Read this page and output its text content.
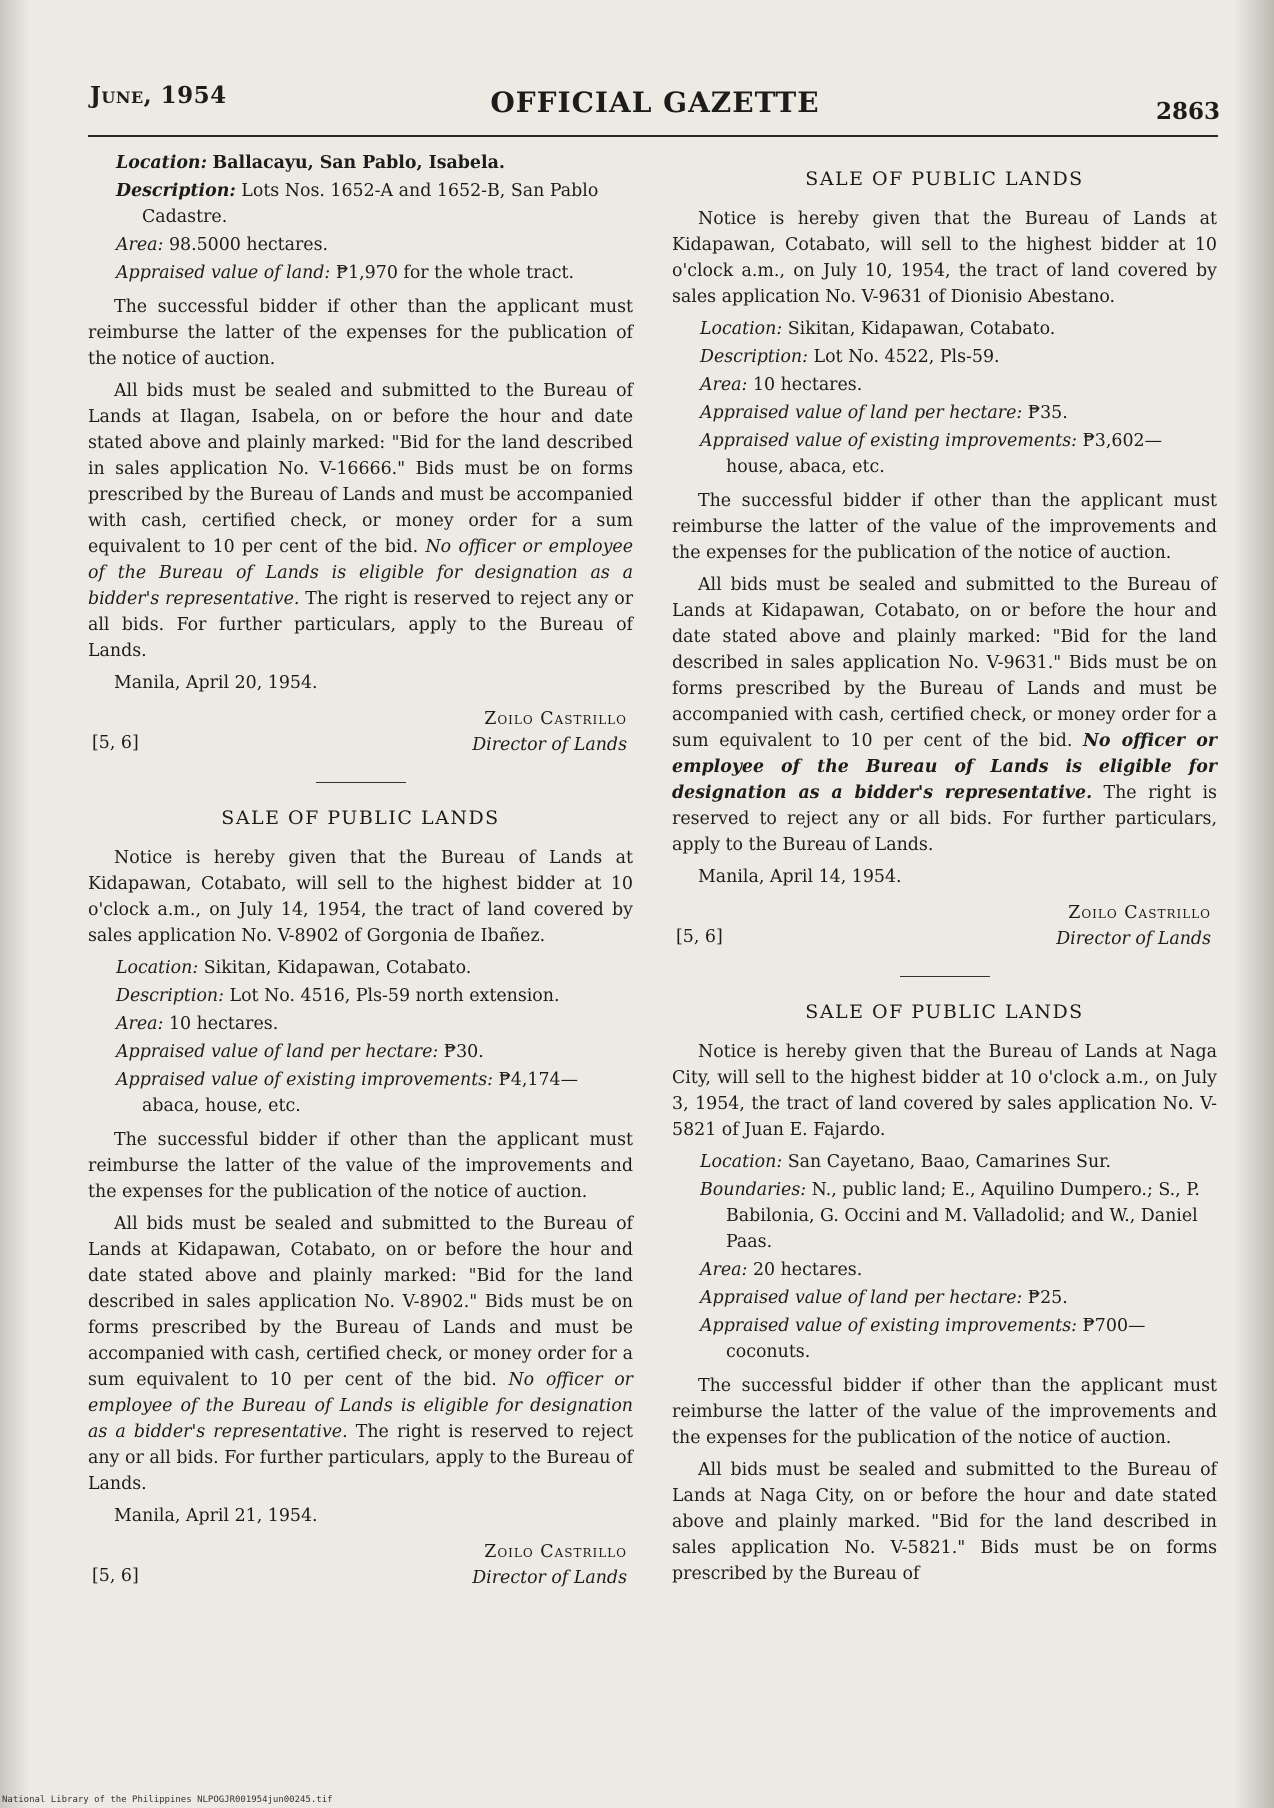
June, 1954	OFFICIAL GAZETTE	2863
Location: Ballacayu, San Pablo, Isabela.
Description: Lots Nos. 1652-A and 1652-B, San Pablo Cadastre.
Area: 98.5000 hectares.
Appraised value of land: ₱1,970 for the whole tract.

The successful bidder if other than the applicant must reimburse the latter of the expenses for the publication of the notice of auction.

All bids must be sealed and submitted to the Bureau of Lands at Ilagan, Isabela, on or before the hour and date stated above and plainly marked: "Bid for the land described in sales application No. V-16666." Bids must be on forms prescribed by the Bureau of Lands and must be accompanied with cash, certified check, or money order for a sum equivalent to 10 per cent of the bid. No officer or employee of the Bureau of Lands is eligible for designation as a bidder's representative. The right is reserved to reject any or all bids. For further particulars, apply to the Bureau of Lands.

Manila, April 20, 1954.
[5, 6]
Zoilo Castrillo
Director of Lands
SALE OF PUBLIC LANDS

Notice is hereby given that the Bureau of Lands at Kidapawan, Cotabato, will sell to the highest bidder at 10 o'clock a.m., on July 14, 1954, the tract of land covered by sales application No. V-8902 of Gorgonia de Ibañez.

Location: Sikitan, Kidapawan, Cotabato.
Description: Lot No. 4516, Pls-59 north extension.
Area: 10 hectares.
Appraised value of land per hectare: ₱30.
Appraised value of existing improvements: ₱4,174—abaca, house, etc.

The successful bidder if other than the applicant must reimburse the latter of the value of the improvements and the expenses for the publication of the notice of auction.

All bids must be sealed and submitted to the Bureau of Lands at Kidapawan, Cotabato, on or before the hour and date stated above and plainly marked: "Bid for the land described in sales application No. V-8902." Bids must be on forms prescribed by the Bureau of Lands and must be accompanied with cash, certified check, or money order for a sum equivalent to 10 per cent of the bid. No officer or employee of the Bureau of Lands is eligible for designation as a bidder's representative. The right is reserved to reject any or all bids. For further particulars, apply to the Bureau of Lands.

Manila, April 21, 1954.
[5, 6]
Zoilo Castrillo
Director of Lands
SALE OF PUBLIC LANDS

Notice is hereby given that the Bureau of Lands at Kidapawan, Cotabato, will sell to the highest bidder at 10 o'clock a.m., on July 10, 1954, the tract of land covered by sales application No. V-9631 of Dionisio Abestano.

Location: Sikitan, Kidapawan, Cotabato.
Description: Lot No. 4522, Pls-59.
Area: 10 hectares.
Appraised value of land per hectare: ₱35.
Appraised value of existing improvements: ₱3,602—house, abaca, etc.

The successful bidder if other than the applicant must reimburse the latter of the value of the improvements and the expenses for the publication of the notice of auction.

All bids must be sealed and submitted to the Bureau of Lands at Kidapawan, Cotabato, on or before the hour and date stated above and plainly marked: "Bid for the land described in sales application No. V-9631." Bids must be on forms prescribed by the Bureau of Lands and must be accompanied with cash, certified check, or money order for a sum equivalent to 10 per cent of the bid. No officer or employee of the Bureau of Lands is eligible for designation as a bidder's representative. The right is reserved to reject any or all bids. For further particulars, apply to the Bureau of Lands.

Manila, April 14, 1954.
[5, 6]
Zoilo Castrillo
Director of Lands
SALE OF PUBLIC LANDS

Notice is hereby given that the Bureau of Lands at Naga City, will sell to the highest bidder at 10 o'clock a.m., on July 3, 1954, the tract of land covered by sales application No. V-5821 of Juan E. Fajardo.

Location: San Cayetano, Baao, Camarines Sur.
Boundaries: N., public land; E., Aquilino Dumpero.; S., P. Babilonia, G. Occini and M. Valladolid; and W., Daniel Paas.
Area: 20 hectares.
Appraised value of land per hectare: ₱25.
Appraised value of existing improvements: ₱700—coconuts.

The successful bidder if other than the applicant must reimburse the latter of the value of the improvements and the expenses for the publication of the notice of auction.

All bids must be sealed and submitted to the Bureau of Lands at Naga City, on or before the hour and date stated above and plainly marked. "Bid for the land described in sales application No. V-5821." Bids must be on forms prescribed by the Bureau of

National Library of the Philippines NLPOGJR001954jun00245.tif
